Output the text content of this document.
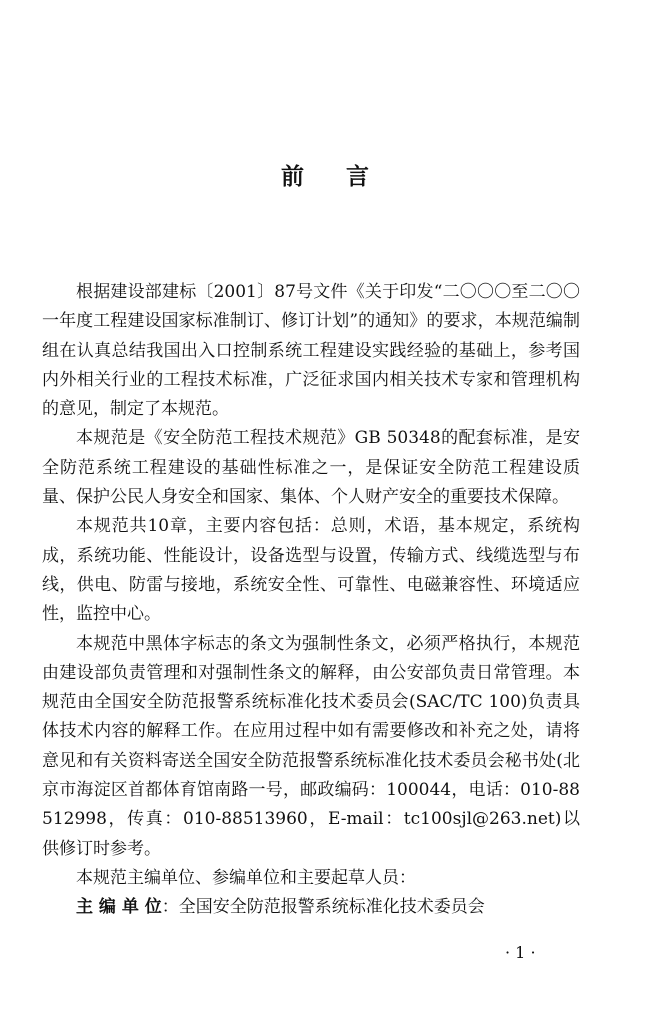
前言

根据建设部建标〔2001〕87号文件《关于印发“二〇〇〇至二〇〇一年度工程建设国家标准制订、修订计划”的通知》的要求，本规范编制组在认真总结我国出入口控制系统工程建设实践经验的基础上，参考国内外相关行业的工程技术标准，广泛征求国内相关技术专家和管理机构的意见，制定了本规范。

本规范是《安全防范工程技术规范》GB 50348的配套标准，是安全防范系统工程建设的基础性标准之一，是保证安全防范工程建设质量、保护公民人身安全和国家、集体、个人财产安全的重要技术保障。

本规范共10章，主要内容包括：总则，术语，基本规定，系统构成，系统功能、性能设计，设备选型与设置，传输方式、线缆选型与布线，供电、防雷与接地，系统安全性、可靠性、电磁兼容性、环境适应性，监控中心。

本规范中黑体字标志的条文为强制性条文，必须严格执行，本规范由建设部负责管理和对强制性条文的解释，由公安部负责日常管理。本规范由全国安全防范报警系统标准化技术委员会(SAC/TC 100)负责具体技术内容的解释工作。在应用过程中如有需要修改和补充之处，请将意见和有关资料寄送全国安全防范报警系统标准化技术委员会秘书处(北京市海淀区首都体育馆南路一号，邮政编码：100044，电话：010-88512998，传真：010-88513960，E-mail：tc100sjl@263.net)以供修订时参考。

本规范主编单位、参编单位和主要起草人员：

主 编 单 位：全国安全防范报警系统标准化技术委员会

· 1 ·
